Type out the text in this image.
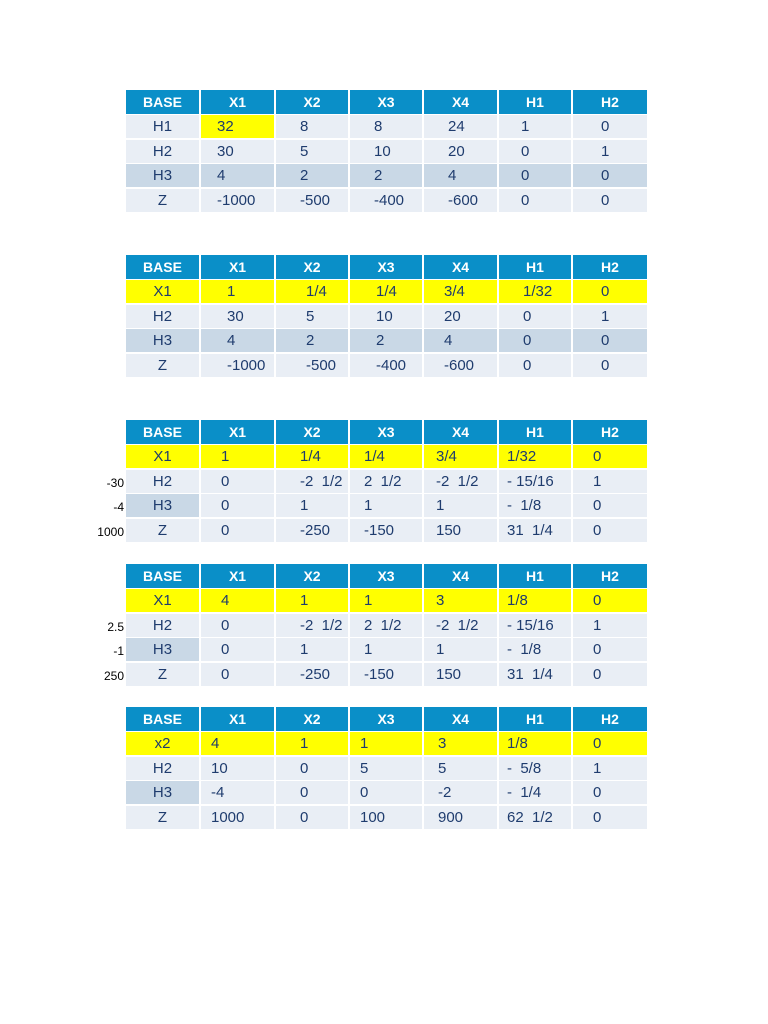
BASE	X1	X2	X3	X4	H1	H2
H1	32	8	8	24	1	0
H2	30	5	10	20	0	1
H3	4	2	2	4	0	0
Z	-1000	-500	-400	-600	0	0
BASE	X1	X2	X3	X4	H1	H2
X1	1	1/4	1/4	3/4	1/32	0
H2	30	5	10	20	0	1
H3	4	2	2	4	0	0
Z	-1000	-500	-400	-600	0	0
BASE	X1	X2	X3	X4	H1	H2
X1	1	1/4	1/4	3/4	1/32	0
H2	0	-2  1/2	2  1/2	-2  1/2	- 15/16	1
H3	0	1	1	1	-  1/8	0
Z	0	-250	-150	150	31  1/4	0
-30
-4
1000
BASE	X1	X2	X3	X4	H1	H2
X1	4	1	1	3	1/8	0
H2	0	-2  1/2	2  1/2	-2  1/2	- 15/16	1
H3	0	1	1	1	-  1/8	0
Z	0	-250	-150	150	31  1/4	0
2.5
-1
250
BASE	X1	X2	X3	X4	H1	H2
x2	4	1	1	3	1/8	0
H2	10	0	5	5	-  5/8	1
H3	-4	0	0	-2	-  1/4	0
Z	1000	0	100	900	62  1/2	0
